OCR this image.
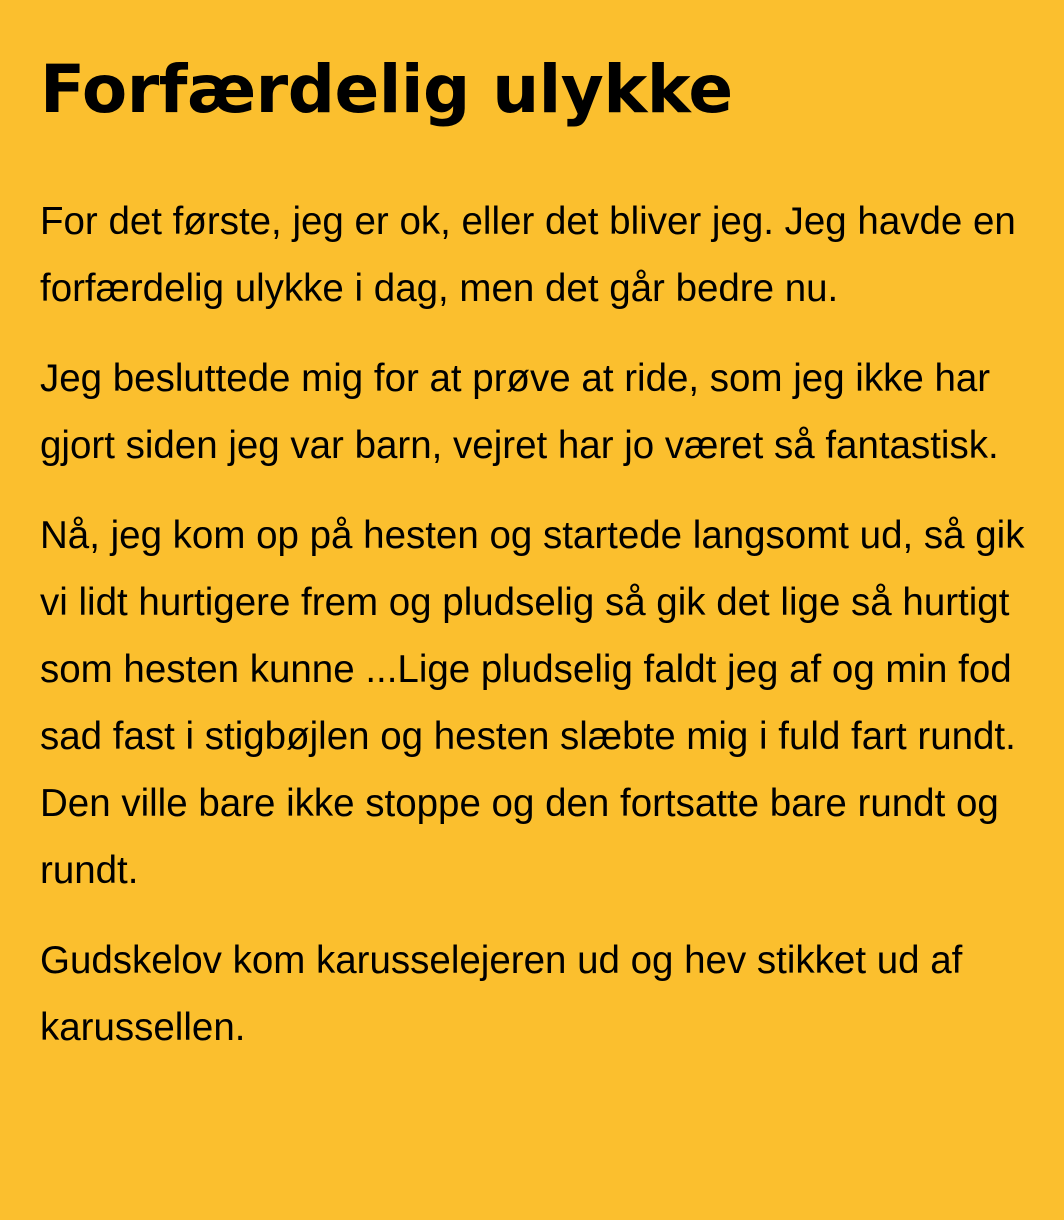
Forfærdelig ulykke

For det første, jeg er ok, eller det bliver jeg. Jeg havde en forfærdelig ulykke i dag, men det går bedre nu.

Jeg besluttede mig for at prøve at ride, som jeg ikke har gjort siden jeg var barn, vejret har jo været så fantastisk.

Nå, jeg kom op på hesten og startede langsomt ud, så gik vi lidt hurtigere frem og pludselig så gik det lige så hurtigt som hesten kunne ...Lige pludselig faldt jeg af og min fod sad fast i stigbøjlen og hesten slæbte mig i fuld fart rundt. Den ville bare ikke stoppe og den fortsatte bare rundt og rundt.

Gudskelov kom karusselejeren ud og hev stikket ud af karussellen.
